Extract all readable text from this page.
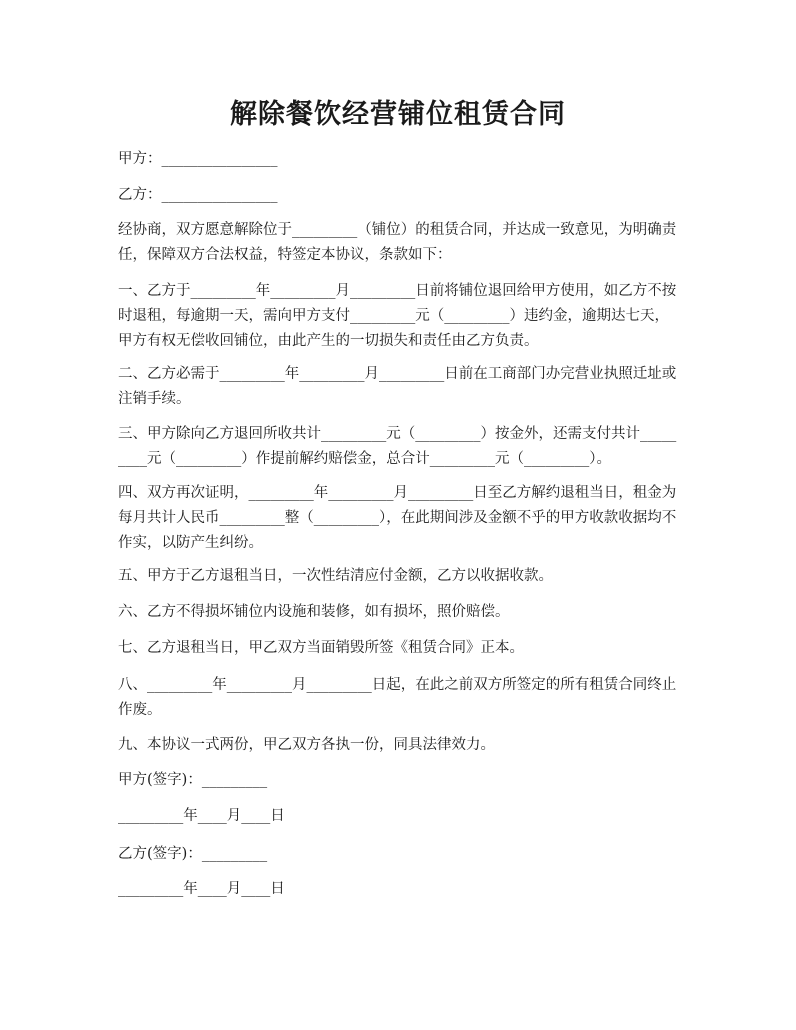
解除餐饮经营铺位租赁合同

甲方：________________

乙方：________________

经协商，双方愿意解除位于_________（铺位）的租赁合同，并达成一致意见，为明确责任，保障双方合法权益，特签定本协议，条款如下：

一、乙方于_________年_________月_________日前将铺位退回给甲方使用，如乙方不按时退租，每逾期一天，需向甲方支付_________元（_________）违约金，逾期达七天，甲方有权无偿收回铺位，由此产生的一切损失和责任由乙方负责。

二、乙方必需于_________年_________月_________日前在工商部门办完营业执照迁址或注销手续。

三、甲方除向乙方退回所收共计_________元（_________）按金外，还需支付共计_________元（_________）作提前解约赔偿金，总合计_________元（_________）。

四、双方再次证明，_________年_________月_________日至乙方解约退租当日，租金为每月共计人民币_________整（_________），在此期间涉及金额不乎的甲方收款收据均不作实，以防产生纠纷。

五、甲方于乙方退租当日，一次性结清应付金额，乙方以收据收款。

六、乙方不得损坏铺位内设施和装修，如有损坏，照价赔偿。

七、乙方退租当日，甲乙双方当面销毁所签《租赁合同》正本。

八、_________年_________月_________日起，在此之前双方所签定的所有租赁合同终止作废。

九、本协议一式两份，甲乙双方各执一份，同具法律效力。

甲方(签字)：_________

_________年____月____日

乙方(签字)：_________

_________年____月____日
